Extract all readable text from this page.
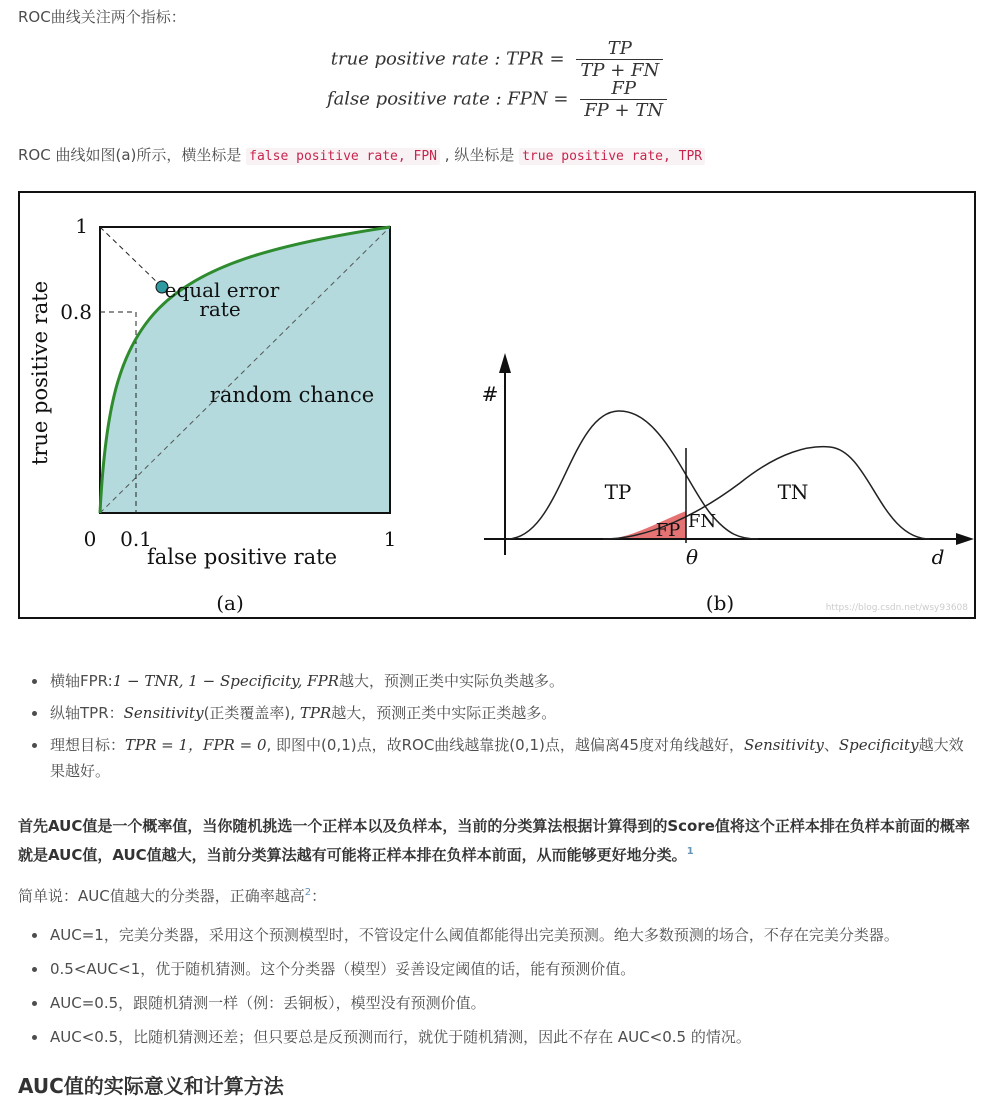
ROC曲线关注两个指标：

true positive rate : TPR = $\frac{TP}{TP + FN}$
false positive rate : FPN = $\frac{FP}{FP + TN}$

ROC 曲线如图(a)所示，横坐标是 false positive rate, FPN , 纵坐标是 true positive rate, TPR

1
0.8
0 0.1	1
false positive rate
true positive rate	equal error
rate
random chance
(a)
#
TP	TN
FP FN
θ	d
(b)	https://blog.csdn.net/wsy93608
横轴FPR:1 − TNR, 1 − Specificity, FPR越大，预测正类中实际负类越多。
纵轴TPR：Sensitivity(正类覆盖率), TPR越大，预测正类中实际正类越多。
理想目标：TPR = 1，FPR = 0, 即图中(0,1)点，故ROC曲线越靠拢(0,1)点，越偏离45度对角线越好，Sensitivity、Specificity越大效果越好。

首先AUC值是一个概率值，当你随机挑选一个正样本以及负样本，当前的分类算法根据计算得到的Score值将这个正样本排在负样本前面的概率就是AUC值，AUC值越大，当前分类算法越有可能将正样本排在负样本前面，从而能够更好地分类。$^1$

简单说：AUC值越大的分类器，正确率越高$^2$：

AUC=1，完美分类器，采用这个预测模型时，不管设定什么阈值都能得出完美预测。绝大多数预测的场合，不存在完美分类器。
0.5<AUC<1，优于随机猜测。这个分类器（模型）妥善设定阈值的话，能有预测价值。
AUC=0.5，跟随机猜测一样（例：丢铜板），模型没有预测价值。
AUC<0.5，比随机猜测还差；但只要总是反预测而行，就优于随机猜测，因此不存在 AUC<0.5 的情况。
AUC值的实际意义和计算方法
